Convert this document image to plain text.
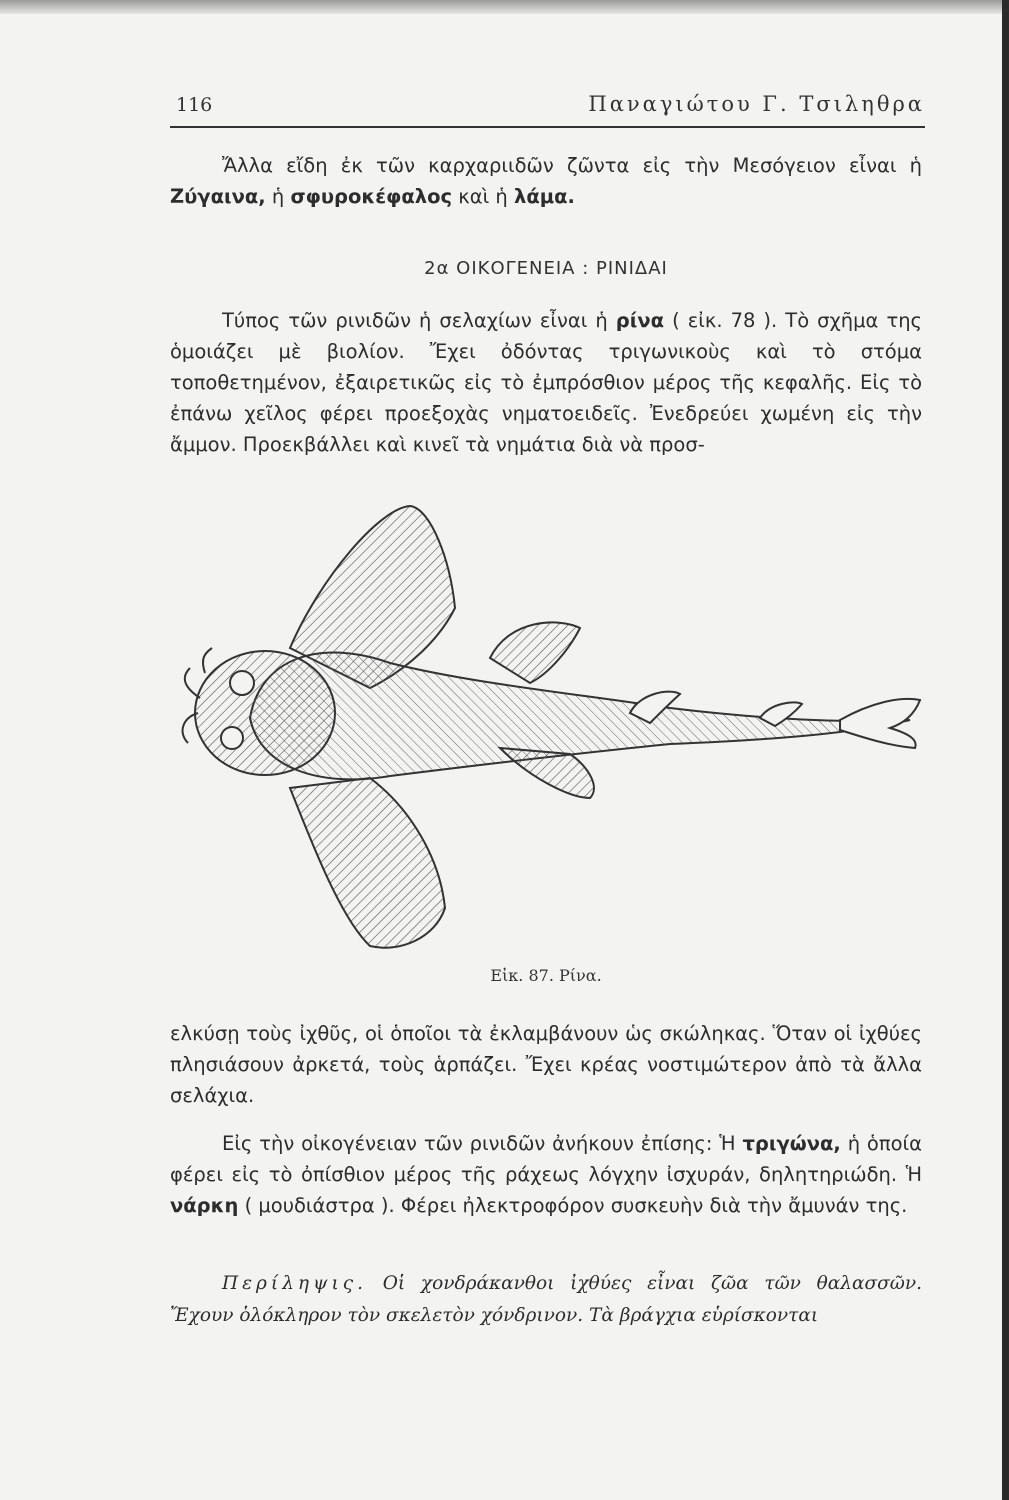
116	Παναγιώτου Γ. Τσιληθρα

Ἄλλα εἴδη ἐκ τῶν καρχαριιδῶν ζῶντα εἰς τὴν Μεσόγειον εἶναι ἡ Ζύγαινα, ἡ σφυροκέφαλος καὶ ἡ λάμα.

2α ΟΙΚΟΓΕΝΕΙΑ : ΡΙΝΙΔΑΙ

Τύπος τῶν ρινιδῶν ἡ σελαχίων εἶναι ἡ ρίνα ( εἰκ. 78 ). Τὸ σχῆμα της ὁμοιάζει μὲ βιολίον. Ἔχει ὀδόντας τριγωνικοὺς καὶ τὸ στόμα τοποθετημένον, ἐξαιρετικῶς εἰς τὸ ἐμπρόσθιον μέρος τῆς κεφαλῆς. Εἰς τὸ ἐπάνω χεῖλος φέρει προεξοχὰς νηματοειδεῖς. Ἐνεδρεύει χωμένη εἰς τὴν ἄμμον. Προεκβάλλει καὶ κινεῖ τὰ νημάτια διὰ νὰ προσ-

Εἰκ. 87. Ρίνα.

ελκύσῃ τοὺς ἰχθῦς, οἱ ὁποῖοι τὰ ἐκλαμβάνουν ὡς σκώληκας. Ὅταν οἱ ἰχθύες πλησιάσουν ἀρκετά, τοὺς ἁρπάζει. Ἔχει κρέας νοστιμώτερον ἀπὸ τὰ ἄλλα σελάχια.

Εἰς τὴν οἰκογένειαν τῶν ρινιδῶν ἀνήκουν ἐπίσης: Ἡ τριγώνα, ἡ ὁποία φέρει εἰς τὸ ὀπίσθιον μέρος τῆς ράχεως λόγχην ἰσχυράν, δηλητηριώδη. Ἡ νάρκη ( μουδιάστρα ). Φέρει ἠλεκτροφόρον συσκευὴν διὰ τὴν ἄμυνάν της.

Περίληψις. Οἱ χονδράκανθοι ἰχθύες εἶναι ζῶα τῶν θαλασσῶν. Ἔχουν ὁλόκληρον τὸν σκελετὸν χόνδρινον. Τὰ βράγχια εὑρίσκονται
